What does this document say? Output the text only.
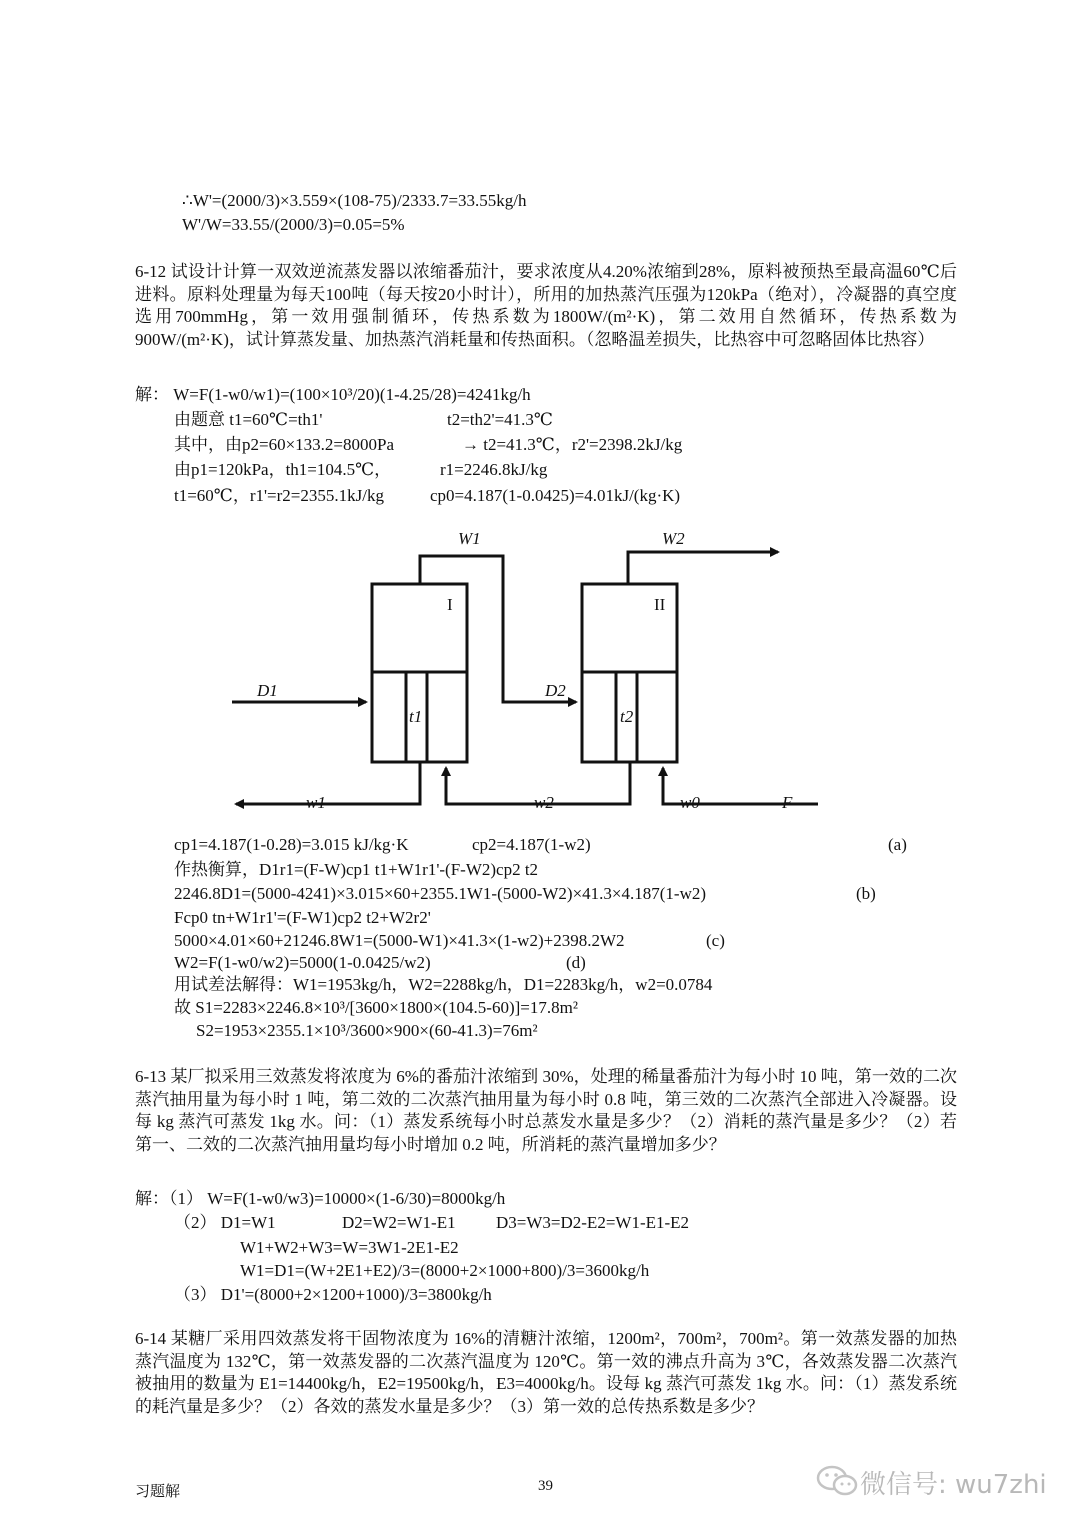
∴W'=(2000/3)×3.559×(108-75)/2333.7=33.55kg/h
W'/W=33.55/(2000/3)=0.05=5%
6-12 试设计计算一双效逆流蒸发器以浓缩番茄汁，要求浓度从4.20%浓缩到28%，原料被预热至最高温60℃后进料。原料处理量为每天100吨（每天按20小时计），所用的加热蒸汽压强为120kPa（绝对），冷凝器的真空度选用700mmHg，第一效用强制循环，传热系数为1800W/(m²·K)，第二效用自然循环，传热系数为900W/(m²·K)，试计算蒸发量、加热蒸汽消耗量和传热面积。（忽略温差损失，比热容中可忽略固体比热容）
解： W=F(1-w0/w1)=(100×10³/20)(1-4.25/28)=4241kg/h
由题意 t1=60℃=th1'	t2=th2'=41.3℃
其中，由p2=60×133.2=8000Pa	→ t2=41.3℃，r2'=2398.2kJ/kg
由p1=120kPa，th1=104.5℃，	r1=2246.8kJ/kg
t1=60℃，r1'=r2=2355.1kJ/kg	cp0=4.187(1-0.0425)=4.01kJ/(kg·K)
W1	W2
D1	D2
t1	t2
w1	w2	w0	F
I	II
cp1=4.187(1-0.28)=3.015 kJ/kg·K	cp2=4.187(1-w2)	(a)
作热衡算，D1r1=(F-W)cp1 t1+W1r1'-(F-W2)cp2 t2
2246.8D1=(5000-4241)×3.015×60+2355.1W1-(5000-W2)×41.3×4.187(1-w2)	(b)
Fcp0 tn+W1r1'=(F-W1)cp2 t2+W2r2'
5000×4.01×60+21246.8W1=(5000-W1)×41.3×(1-w2)+2398.2W2	(c)
W2=F(1-w0/w2)=5000(1-0.0425/w2)	(d)
用试差法解得：W1=1953kg/h，W2=2288kg/h，D1=2283kg/h，w2=0.0784
故 S1=2283×2246.8×10³/[3600×1800×(104.5-60)]=17.8m²
S2=1953×2355.1×10³/3600×900×(60-41.3)=76m²
6-13 某厂拟采用三效蒸发将浓度为 6%的番茄汁浓缩到 30%，处理的稀量番茄汁为每小时 10 吨，第一效的二次蒸汽抽用量为每小时 1 吨，第二效的二次蒸汽抽用量为每小时 0.8 吨，第三效的二次蒸汽全部进入冷凝器。设每 kg 蒸汽可蒸发 1kg 水。问：（1）蒸发系统每小时总蒸发水量是多少？（2）消耗的蒸汽量是多少？（2）若第一、二效的二次蒸汽抽用量均每小时增加 0.2 吨，所消耗的蒸汽量增加多少？
解：（1） W=F(1-w0/w3)=10000×(1-6/30)=8000kg/h
（2） D1=W1	D2=W2=W1-E1 D3=W3=D2-E2=W1-E1-E2
W1+W2+W3=W=3W1-2E1-E2
W1=D1=(W+2E1+E2)/3=(8000+2×1000+800)/3=3600kg/h
（3） D1'=(8000+2×1200+1000)/3=3800kg/h
6-14 某糖厂采用四效蒸发将干固物浓度为 16%的清糖汁浓缩，1200m²，700m²，700m²。第一效蒸发器的加热蒸汽温度为 132℃，第一效蒸发器的二次蒸汽温度为 120℃。第一效的沸点升高为 3℃，各效蒸发器二次蒸汽被抽用的数量为 E1=14400kg/h，E2=19500kg/h，E3=4000kg/h。设每 kg 蒸汽可蒸发 1kg 水。问：（1）蒸发系统的耗汽量是多少？（2）各效的蒸发水量是多少？（3）第一效的总传热系数是多少？
习题解	39	微信号: wu7zhi
